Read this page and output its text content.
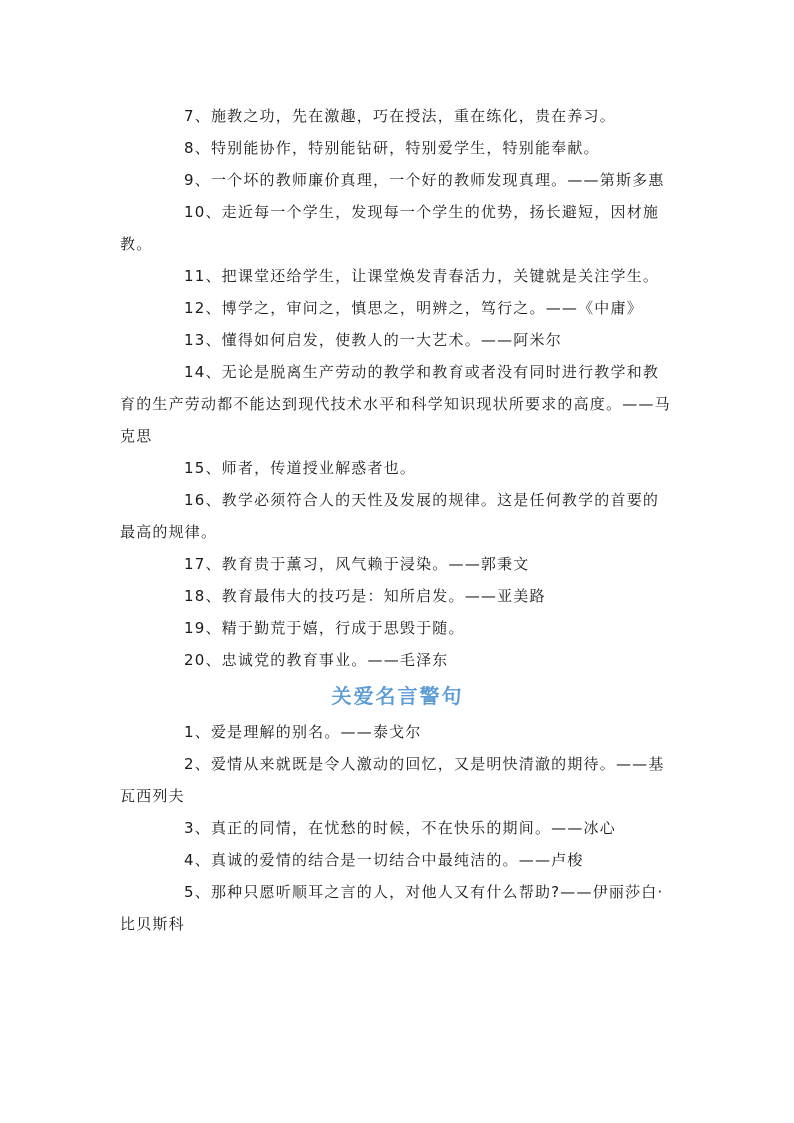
7、施教之功，先在激趣，巧在授法，重在练化，贵在养习。

8、特别能协作，特别能钻研，特别爱学生，特别能奉献。

9、一个坏的教师廉价真理，一个好的教师发现真理。——第斯多惠

10、走近每一个学生，发现每一个学生的优势，扬长避短，因材施教。

11、把课堂还给学生，让课堂焕发青春活力，关键就是关注学生。

12、博学之，审问之，慎思之，明辨之，笃行之。——《中庸》

13、懂得如何启发，使教人的一大艺术。——阿米尔

14、无论是脱离生产劳动的教学和教育或者没有同时进行教学和教育的生产劳动都不能达到现代技术水平和科学知识现状所要求的高度。——马克思

15、师者，传道授业解惑者也。

16、教学必须符合人的天性及发展的规律。这是任何教学的首要的最高的规律。

17、教育贵于薰习，风气赖于浸染。——郭秉文

18、教育最伟大的技巧是：知所启发。——亚美路

19、精于勤荒于嬉，行成于思毁于随。

20、忠诚党的教育事业。——毛泽东

关爱名言警句

1、爱是理解的别名。——泰戈尔

2、爱情从来就既是令人激动的回忆，又是明快清澈的期待。——基瓦西列夫

3、真正的同情，在忧愁的时候，不在快乐的期间。——冰心

4、真诚的爱情的结合是一切结合中最纯洁的。——卢梭

5、那种只愿听顺耳之言的人，对他人又有什么帮助?——伊丽莎白·比贝斯科
